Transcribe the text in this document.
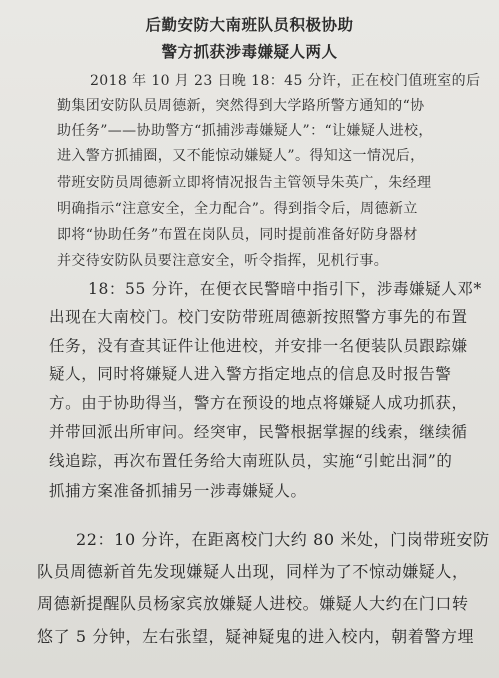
后勤安防大南班队员积极协助
警方抓获涉毒嫌疑人两人
2018 年 10 月 23 日晚 18：45 分许，正在校门值班室的后
勤集团安防队员周德新，突然得到大学路所警方通知的“协
助任务”——协助警方“抓捕涉毒嫌疑人”：“让嫌疑人进校，
进入警方抓捕圈，又不能惊动嫌疑人”。得知这一情况后，
带班安防员周德新立即将情况报告主管领导朱英广，朱经理
明确指示“注意安全，全力配合”。得到指令后，周德新立
即将“协助任务”布置在岗队员，同时提前准备好防身器材
并交待安防队员要注意安全，听令指挥，见机行事。
18：55 分许，在便衣民警暗中指引下，涉毒嫌疑人邓*
出现在大南校门。校门安防带班周德新按照警方事先的布置
任务，没有查其证件让他进校，并安排一名便装队员跟踪嫌
疑人，同时将嫌疑人进入警方指定地点的信息及时报告警
方。由于协助得当，警方在预设的地点将嫌疑人成功抓获，
并带回派出所审问。经突审，民警根据掌握的线索，继续循
线追踪，再次布置任务给大南班队员，实施“引蛇出洞”的
抓捕方案准备抓捕另一涉毒嫌疑人。
22：10 分许，在距离校门大约 80 米处，门岗带班安防
队员周德新首先发现嫌疑人出现，同样为了不惊动嫌疑人，
周德新提醒队员杨家宾放嫌疑人进校。嫌疑人大约在门口转
悠了 5 分钟，左右张望，疑神疑鬼的进入校内，朝着警方埋
